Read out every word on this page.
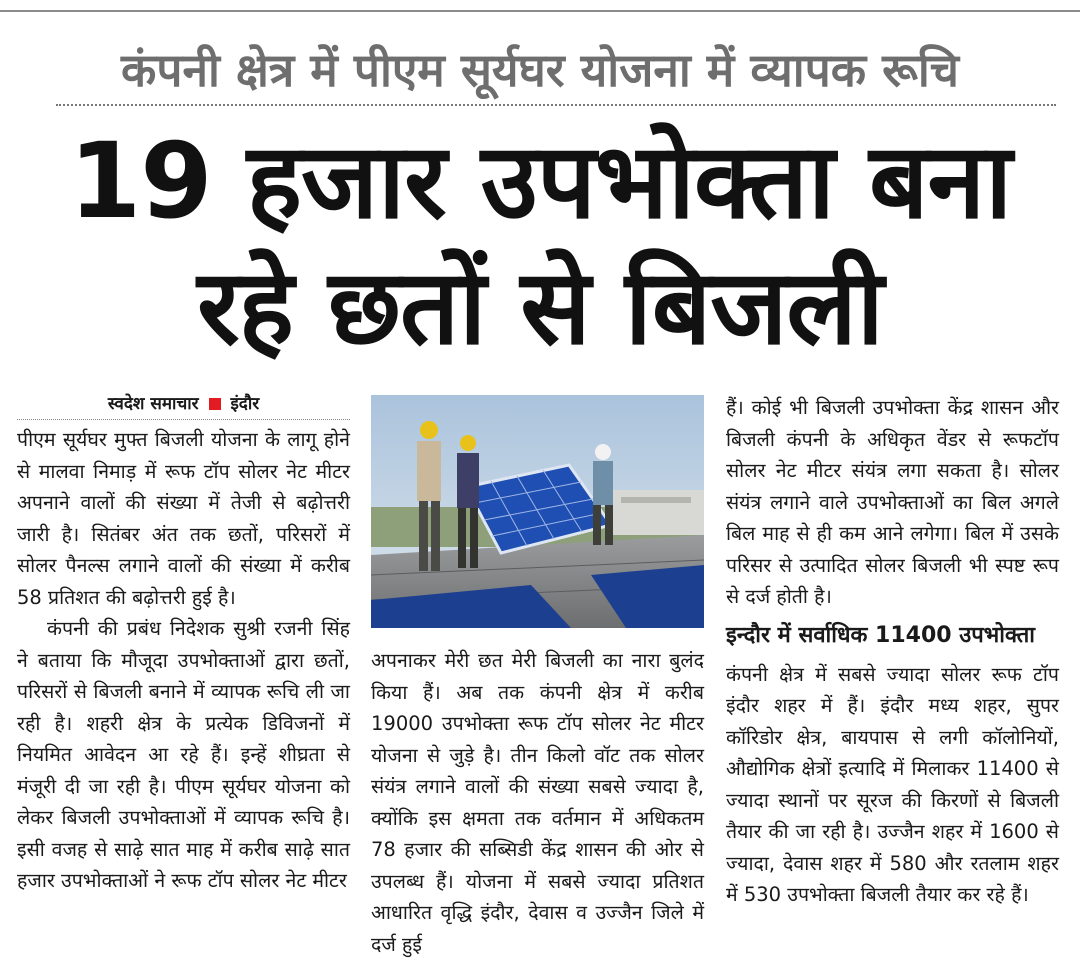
कंपनी क्षेत्र में पीएम सूर्यघर योजना में व्यापक रूचि
19 हजार उपभोक्ता बना
रहे छतों से बिजली
स्वदेश समाचार इंदौर

पीएम सूर्यघर मुफ्त बिजली योजना के लागू होने से मालवा निमाड़ में रूफ टॉप सोलर नेट मीटर अपनाने वालों की संख्या में तेजी से बढ़ोत्तरी जारी है। सितंबर अंत तक छतों, परिसरों में सोलर पैनल्स लगाने वालों की संख्या में करीब 58 प्रतिशत की बढ़ोत्तरी हुई है।

कंपनी की प्रबंध निदेशक सुश्री रजनी सिंह ने बताया कि मौजूदा उपभोक्ताओं द्वारा छतों, परिसरों से बिजली बनाने में व्यापक रूचि ली जा रही है। शहरी क्षेत्र के प्रत्येक डिविजनों में नियमित आवेदन आ रहे हैं। इन्हें शीघ्रता से मंजूरी दी जा रही है। पीएम सूर्यघर योजना को लेकर बिजली उपभोक्ताओं में व्यापक रूचि है। इसी वजह से साढ़े सात माह में करीब साढ़े सात हजार उपभोक्ताओं ने रूफ टॉप सोलर नेट मीटर

अपनाकर मेरी छत मेरी बिजली का नारा बुलंद किया हैं। अब तक कंपनी क्षेत्र में करीब 19000 उपभोक्ता रूफ टॉप सोलर नेट मीटर योजना से जुड़े है। तीन किलो वॉट तक सोलर संयंत्र लगाने वालों की संख्या सबसे ज्यादा है, क्योंकि इस क्षमता तक वर्तमान में अधिकतम 78 हजार की सब्सिडी केंद्र शासन की ओर से उपलब्ध हैं। योजना में सबसे ज्यादा प्रतिशत आधारित वृद्धि इंदौर, देवास व उज्जैन जिले में दर्ज हुई

हैं। कोई भी बिजली उपभोक्ता केंद्र शासन और बिजली कंपनी के अधिकृत वेंडर से रूफटॉप सोलर नेट मीटर संयंत्र लगा सकता है। सोलर संयंत्र लगाने वाले उपभोक्ताओं का बिल अगले बिल माह से ही कम आने लगेगा। बिल में उसके परिसर से उत्पादित सोलर बिजली भी स्पष्ट रूप से दर्ज होती है।

इन्दौर में सर्वाधिक 11400 उपभोक्ता

कंपनी क्षेत्र में सबसे ज्यादा सोलर रूफ टॉप इंदौर शहर में हैं। इंदौर मध्य शहर, सुपर कॉरिडोर क्षेत्र, बायपास से लगी कॉलोनियों, औद्योगिक क्षेत्रों इत्यादि में मिलाकर 11400 से ज्यादा स्थानों पर सूरज की किरणों से बिजली तैयार की जा रही है। उज्जैन शहर में 1600 से ज्यादा, देवास शहर में 580 और रतलाम शहर में 530 उपभोक्ता बिजली तैयार कर रहे हैं।
